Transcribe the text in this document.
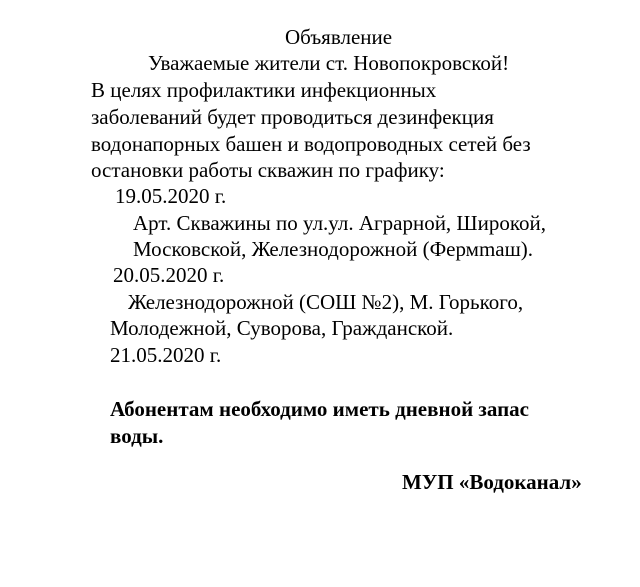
Объявление
Уважаемые жители ст. Новопокровской!
В целях профилактики инфекционных
заболеваний будет проводиться дезинфекция
водонапорных башен и водопроводных сетей без
остановки работы скважин по графику:
19.05.2020 г.
Арт. Скважины по ул.ул. Аграрной, Широкой,
Московской, Железнодорожной (Фермmаш).
20.05.2020 г.
Железнодорожной (СОШ №2), М. Горького,
Молодежной, Суворова, Гражданской.
21.05.2020 г.
Абонентам необходимо иметь дневной запас
воды.
МУП «Водоканал»
